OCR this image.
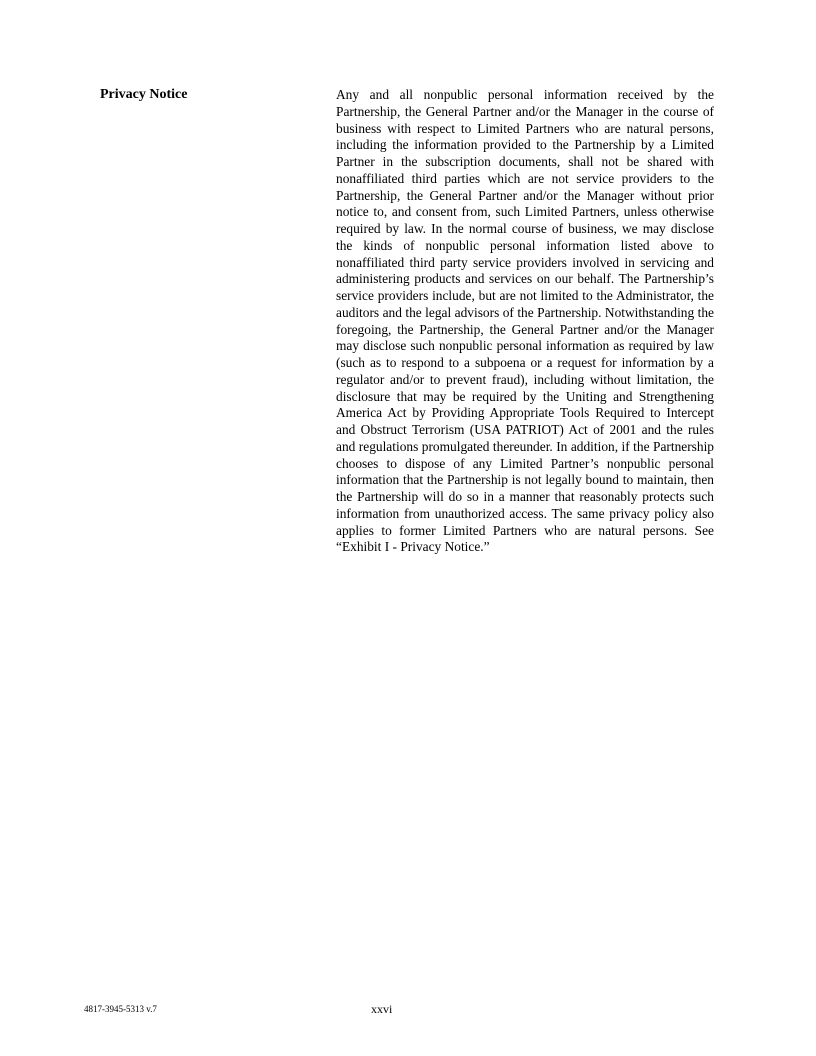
Privacy Notice	Any and all nonpublic personal information received by the Partnership, the General Partner and/or the Manager in the course of business with respect to Limited Partners who are natural persons, including the information provided to the Partnership by a Limited Partner in the subscription documents, shall not be shared with nonaffiliated third parties which are not service providers to the Partnership, the General Partner and/or the Manager without prior notice to, and consent from, such Limited Partners, unless otherwise required by law. In the normal course of business, we may disclose the kinds of nonpublic personal information listed above to nonaffiliated third party service providers involved in servicing and administering products and services on our behalf. The Partnership’s service providers include, but are not limited to the Administrator, the auditors and the legal advisors of the Partnership. Notwithstanding the foregoing, the Partnership, the General Partner and/or the Manager may disclose such nonpublic personal information as required by law (such as to respond to a subpoena or a request for information by a regulator and/or to prevent fraud), including without limitation, the disclosure that may be required by the Uniting and Strengthening America Act by Providing Appropriate Tools Required to Intercept and Obstruct Terrorism (USA PATRIOT) Act of 2001 and the rules and regulations promulgated thereunder. In addition, if the Partnership chooses to dispose of any Limited Partner’s nonpublic personal information that the Partnership is not legally bound to maintain, then the Partnership will do so in a manner that reasonably protects such information from unauthorized access. The same privacy policy also applies to former Limited Partners who are natural persons. See “Exhibit I - Privacy Notice.”

4817-3945-5313 v.7	xxvi
